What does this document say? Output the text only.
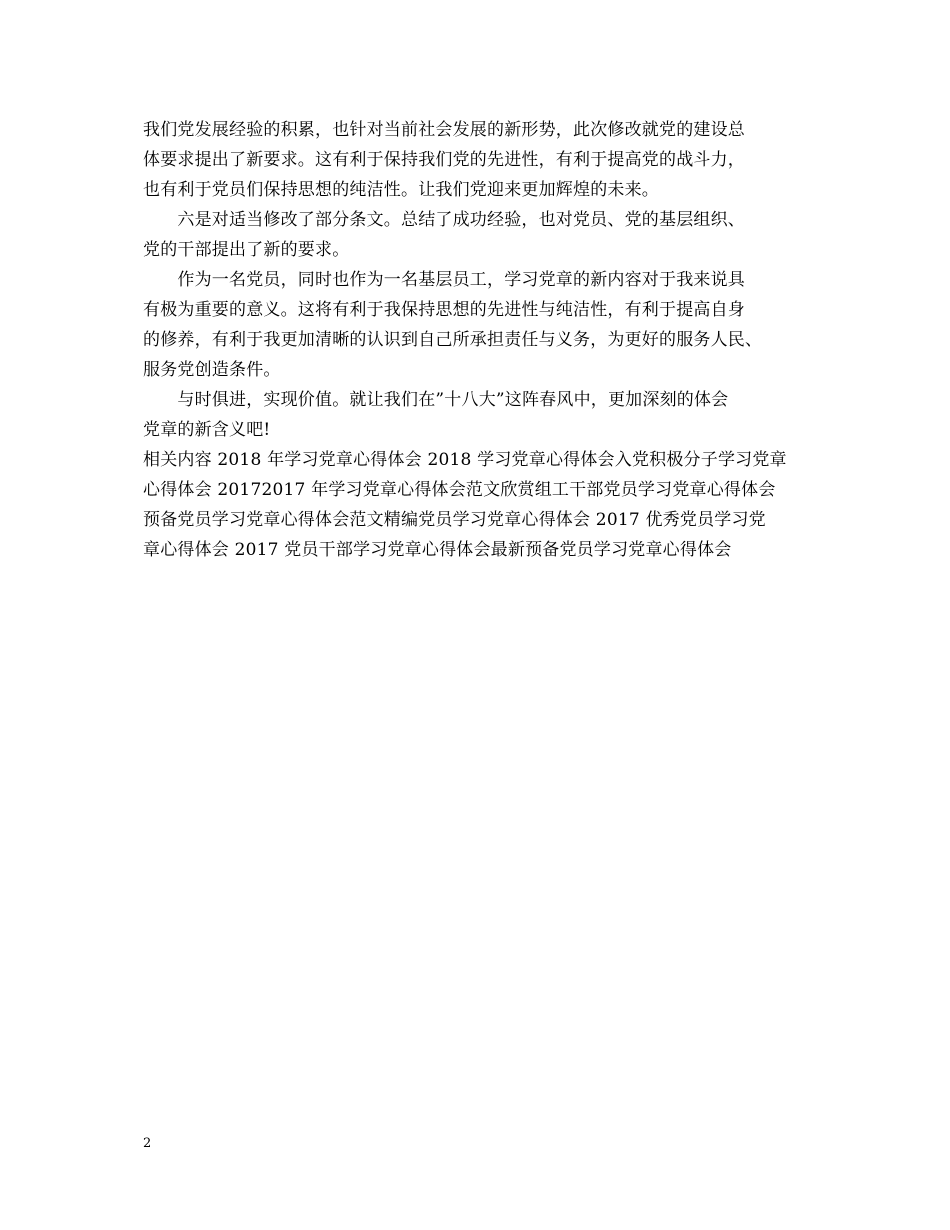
我们党发展经验的积累，也针对当前社会发展的新形势，此次修改就党的建设总
体要求提出了新要求。这有利于保持我们党的先进性，有利于提高党的战斗力，
也有利于党员们保持思想的纯洁性。让我们党迎来更加辉煌的未来。
　　六是对适当修改了部分条文。总结了成功经验，也对党员、党的基层组织、
党的干部提出了新的要求。
　　作为一名党员，同时也作为一名基层员工，学习党章的新内容对于我来说具
有极为重要的意义。这将有利于我保持思想的先进性与纯洁性，有利于提高自身
的修养，有利于我更加清晰的认识到自己所承担责任与义务，为更好的服务人民、
服务党创造条件。
　　与时俱进，实现价值。就让我们在”十八大”这阵春风中，更加深刻的体会
党章的新含义吧!
相关内容 2018 年学习党章心得体会 2018 学习党章心得体会入党积极分子学习党章
心得体会 20172017 年学习党章心得体会范文欣赏组工干部党员学习党章心得体会
预备党员学习党章心得体会范文精编党员学习党章心得体会 2017 优秀党员学习党
章心得体会 2017 党员干部学习党章心得体会最新预备党员学习党章心得体会
2
